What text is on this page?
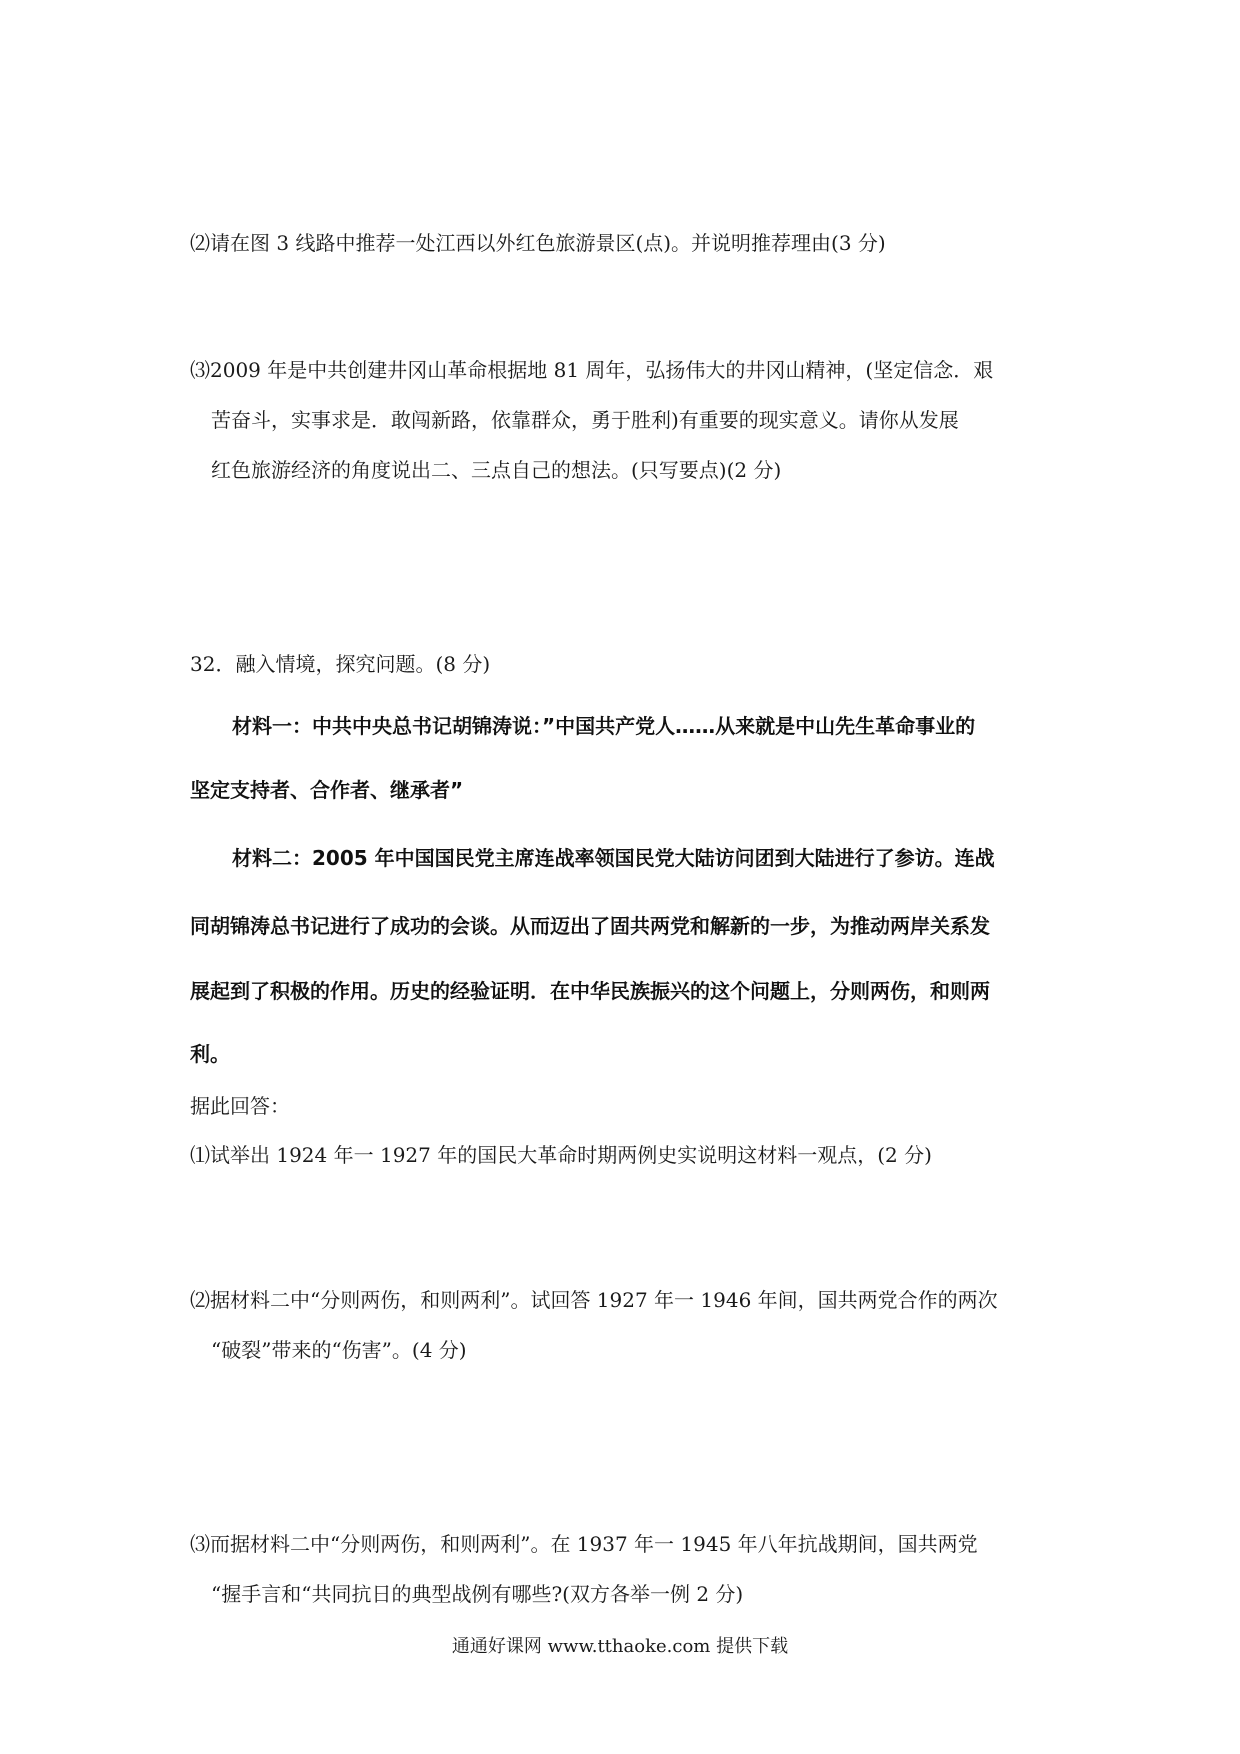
⑵请在图 3 线路中推荐一处江西以外红色旅游景区(点)。并说明推荐理由(3 分)
⑶2009 年是中共创建井冈山革命根据地 81 周年，弘扬伟大的井冈山精神，(坚定信念．艰
苦奋斗，实事求是．敢闯新路，依靠群众，勇于胜利)有重要的现实意义。请你从发展
红色旅游经济的角度说出二、三点自己的想法。(只写要点)(2 分)
32．融入情境，探究问题。(8 分)
材料一：中共中央总书记胡锦涛说：”中国共产党人……从来就是中山先生革命事业的
坚定支持者、合作者、继承者”
材料二：2005 年中国国民党主席连战率领国民党大陆访问团到大陆进行了参访。连战
同胡锦涛总书记进行了成功的会谈。从而迈出了固共两党和解新的一步，为推动两岸关系发
展起到了积极的作用。历史的经验证明．在中华民族振兴的这个问题上，分则两伤，和则两
利。
据此回答：
⑴试举出 1924 年一 1927 年的国民大革命时期两例史实说明这材料一观点，(2 分)
⑵据材料二中“分则两伤，和则两利”。试回答 1927 年一 1946 年间，国共两党合作的两次
“破裂”带来的“伤害”。(4 分)
⑶而据材料二中“分则两伤，和则两利”。在 1937 年一 1945 年八年抗战期间，国共两党
“握手言和“共同抗日的典型战例有哪些?(双方各举一例 2 分)
通通好课网 www.tthaoke.com 提供下载
